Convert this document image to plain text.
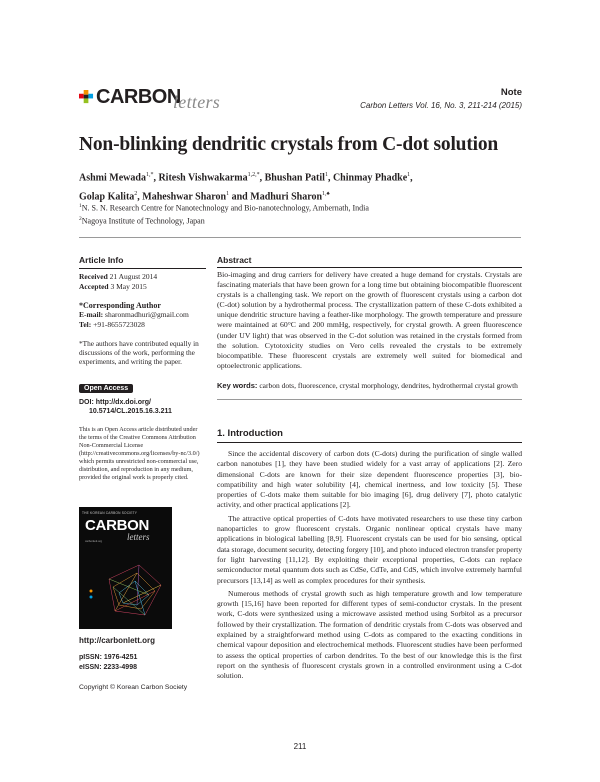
CARBON
letters	Note
Carbon Letters Vol. 16, No. 3, 211-214 (2015)
Non-blinking dendritic crystals from C-dot solution
Ashmi Mewada$^{1,*}$, Ritesh Vishwakarma$^{1,2,*}$, Bhushan Patil$^1$, Chinmay Phadke$^1$,
Golap Kalita$^2$, Maheshwar Sharon$^1$ and Madhuri Sharon$^{1,♠}$
$^1$N. S. N. Research Centre for Nanotechnology and Bio-nanotechnology, Ambernath, India
$^2$Nagoya Institute of Technology, Japan
Article Info
Received 21 August 2014
Accepted 3 May 2015
*Corresponding Author
E-mail: sharonmadhuri@gmail.com
Tel: +91-8655723028
*The authors have contributed equally in discussions of the work, performing the experiments, and writing the paper.
Open Access
DOI: http://dx.doi.org/
10.5714/CL.2015.16.3.211
This is an Open Access article distributed under the terms of the Creative Commons Attribution Non-Commercial License (http://creativecommons.org/licenses/by-nc/3.0/) which permits unrestricted non-commercial use, distribution, and reproduction in any medium, provided the original work is properly cited.
THE KOREAN CARBON SOCIETY
CARBON
letters
carbonlett.org
http://carbonlett.org
pISSN: 1976-4251
eISSN: 2233-4998
Copyright © Korean Carbon Society
Abstract
Bio-imaging and drug carriers for delivery have created a huge demand for crystals. Crystals are fascinating materials that have been grown for a long time but obtaining biocompatible fluorescent crystals is a challenging task. We report on the growth of fluorescent crystals using a carbon dot (C-dot) solution by a hydrothermal process. The crystallization pattern of these C-dots exhibited a unique dendritic structure having a feather-like morphology. The growth temperature and pressure were maintained at 60°C and 200 mmHg, respectively, for crystal growth. A green fluorescence (under UV light) that was observed in the C-dot solution was retained in the crystals formed from the solution. Cytotoxicity studies on Vero cells revealed the crystals to be extremely biocompatible. These fluorescent crystals are extremely well suited for biomedical and optoelectronic applications.
Key words: carbon dots, fluorescence, crystal morphology, dendrites, hydrothermal crystal growth
1. Introduction

Since the accidental discovery of carbon dots (C-dots) during the purification of single walled carbon nanotubes [1], they have been studied widely for a vast array of applications [2]. Zero dimensional C-dots are known for their size dependent fluorescence properties [3], bio-compatibility and high water solubility [4], chemical inertness, and low toxicity [5]. These properties of C-dots make them suitable for bio imaging [6], drug delivery [7], photo catalytic activity, and other practical applications [2].

The attractive optical properties of C-dots have motivated researchers to use these tiny carbon nanoparticles to grow fluorescent crystals. Organic nonlinear optical crystals have many applications in biological labelling [8,9]. Fluorescent crystals can be used for bio sensing, optical data storage, document security, detecting forgery [10], and photo induced electron transfer property for light harvesting [11,12]. By exploiting their exceptional properties, C-dots can replace semiconductor metal quantum dots such as CdSe, CdTe, and CdS, which involve extremely harmful precursors [13,14] as well as complex procedures for their synthesis.

Numerous methods of crystal growth such as high temperature growth and low temperature growth [15,16] have been reported for different types of semi-conductor crystals. In the present work, C-dots were synthesized using a microwave assisted method using Sorbitol as a precursor followed by their crystallization. The formation of dendritic crystals from C-dots was observed and explained by a straightforward method using C-dots as compared to the exacting conditions in chemical vapour deposition and electrochemical methods. Fluorescent studies have been performed to assess the optical properties of carbon dendrites. To the best of our knowledge this is the first report on the synthesis of fluorescent crystals grown in a controlled environment using a C-dot solution.

211
